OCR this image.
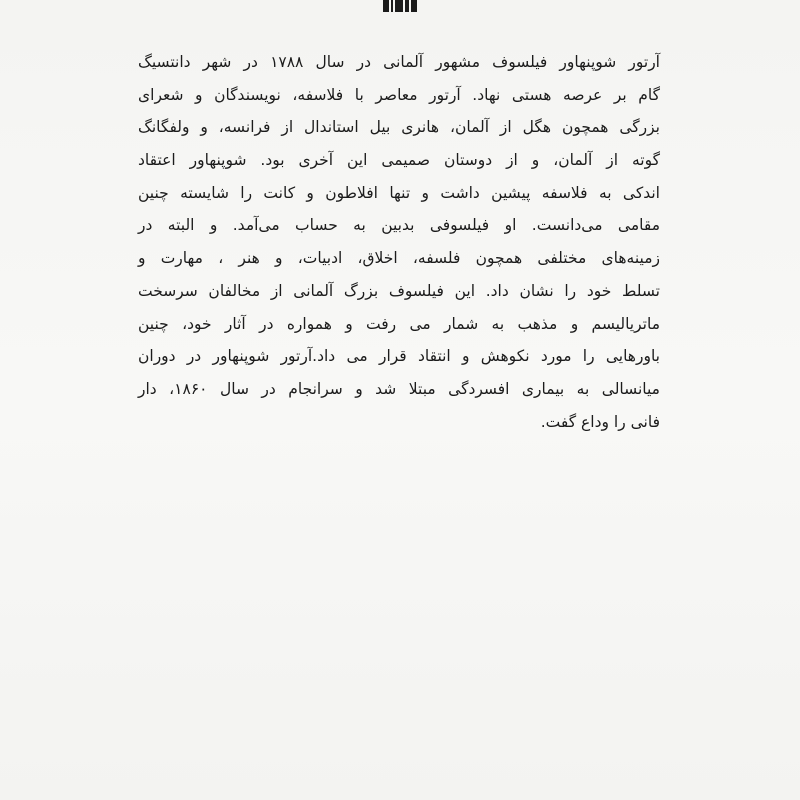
آرتور شوپنهاور فیلسوف مشهور آلمانی در سال ۱۷۸۸ در شهر دانتسیگ
گام بر عرصه هستی نهاد. آرتور معاصر با فلاسفه، نویسندگان و شعرای
بزرگی همچون هگل از آلمان، هانری بیل استاندال از فرانسه، و ولفگانگ
گوته از آلمان، و از دوستان صمیمی این آخری بود. شوپنهاور اعتقاد
اندکی به فلاسفه پیشین داشت و تنها افلاطون و کانت را شایسته چنین
مقامی می‌دانست. او فیلسوفی بدبین به حساب می‌آمد. و البته در
زمینه‌های مختلفی همچون فلسفه، اخلاق، ادبیات، و هنر ، مهارت و
تسلط خود را نشان داد. این فیلسوف بزرگ آلمانی از مخالفان سرسخت
ماتریالیسم و مذهب به شمار می رفت و همواره در آثار خود، چنین
باورهایی را مورد نکوهش و انتقاد قرار می داد.آرتور شوپنهاور در دوران
میانسالی به بیماری افسردگی مبتلا شد و سرانجام در سال ۱۸۶۰، دار
فانی را وداع گفت.
